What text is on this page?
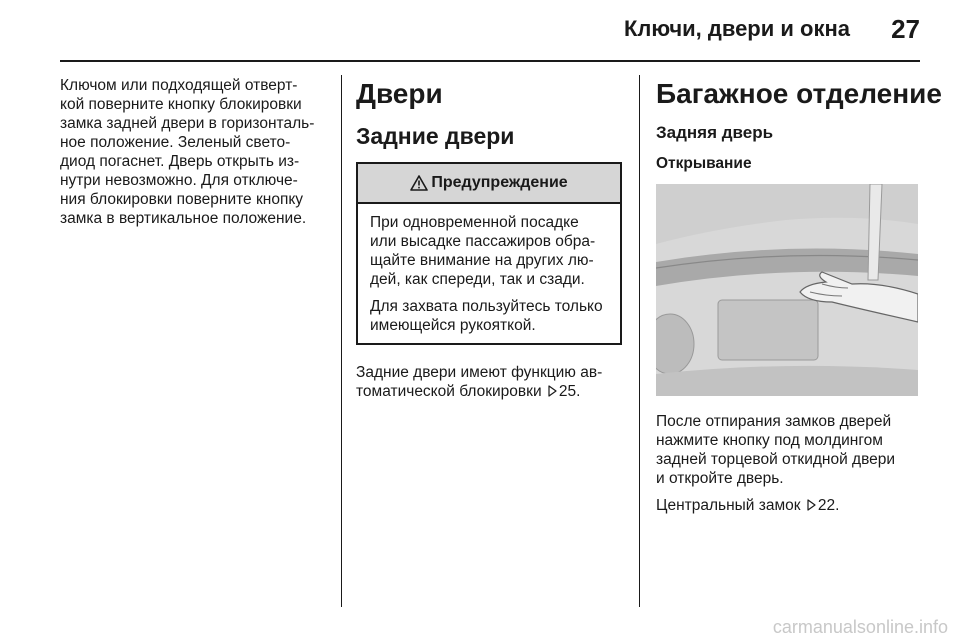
Ключи, двери и окна	27

Ключом или подходящей отверт-
кой поверните кнопку блокировки
замка задней двери в горизонталь-
ное положение. Зеленый свето-
диод погаснет. Дверь открыть из-
нутри невозможно. Для отключе-
ния блокировки поверните кнопку
замка в вертикальное положение.

Двери
Задние двери
Предупреждение

При одновременной посадке
или высадке пассажиров обра-
щайте внимание на других лю-
дей, как спереди, так и сзади.

Для захвата пользуйтесь только
имеющейся рукояткой.

Задние двери имеют функцию ав-
томатической блокировки 25.

Багажное отделение
Задняя дверь
Открывание

После отпирания замков дверей
нажмите кнопку под молдингом
задней торцевой откидной двери
и откройте дверь.

Центральный замок 22.

carmanualsonline.info
